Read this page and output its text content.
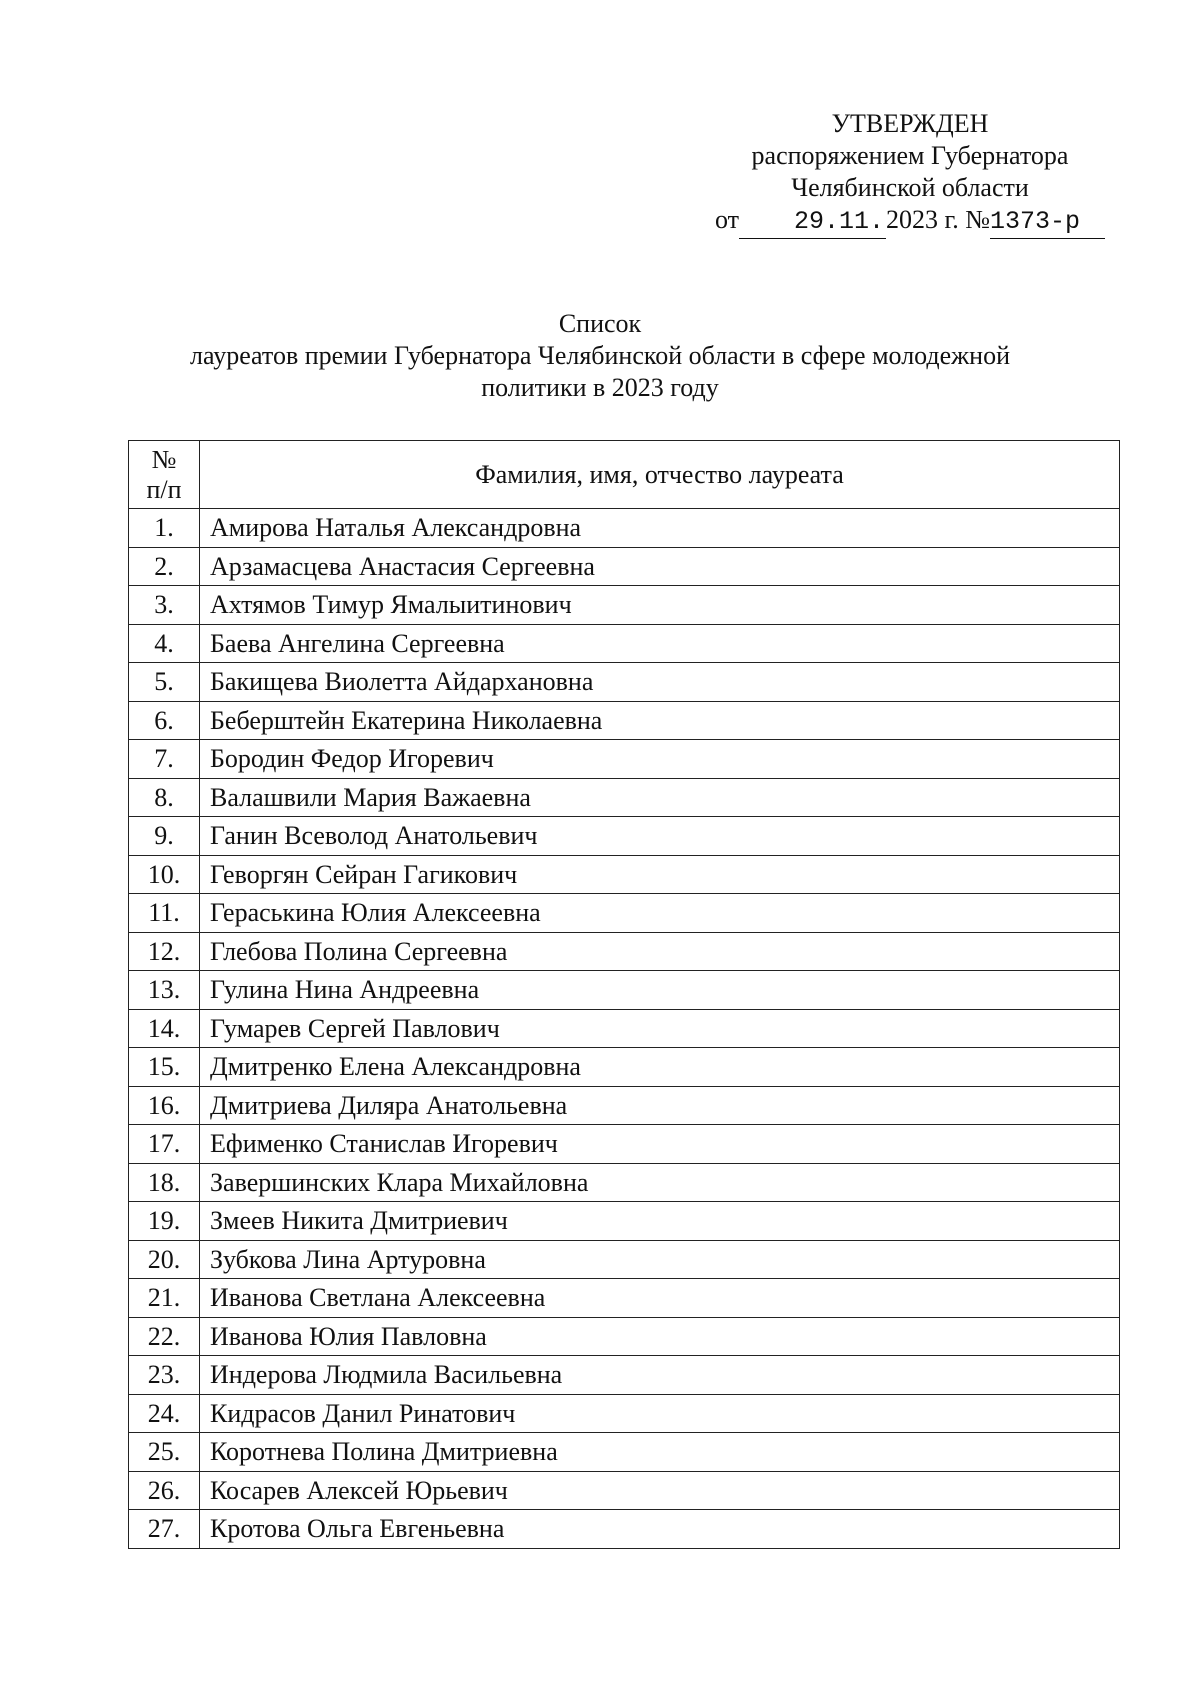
УТВЕРЖДЕН
распоряжением Губернатора
Челябинской области
от 29.11.2023 г. №1373-р
Список
лауреатов премии Губернатора Челябинской области в сфере молодежной
политики в 2023 году
№
п/п	Фамилия, имя, отчество лауреата
1.	Амирова Наталья Александровна
2.	Арзамасцева Анастасия Сергеевна
3.	Ахтямов Тимур Ямалыитинович
4.	Баева Ангелина Сергеевна
5.	Бакищева Виолетта Айдархановна
6.	Беберштейн Екатерина Николаевна
7.	Бородин Федор Игоревич
8.	Валашвили Мария Важаевна
9.	Ганин Всеволод Анатольевич
10.	Геворгян Сейран Гагикович
11.	Гераськина Юлия Алексеевна
12.	Глебова Полина Сергеевна
13.	Гулина Нина Андреевна
14.	Гумарев Сергей Павлович
15.	Дмитренко Елена Александровна
16.	Дмитриева Диляра Анатольевна
17.	Ефименко Станислав Игоревич
18.	Завершинских Клара Михайловна
19.	Змеев Никита Дмитриевич
20.	Зубкова Лина Артуровна
21.	Иванова Светлана Алексеевна
22.	Иванова Юлия Павловна
23.	Индерова Людмила Васильевна
24.	Кидрасов Данил Ринатович
25.	Коротнева Полина Дмитриевна
26.	Косарев Алексей Юрьевич
27.	Кротова Ольга Евгеньевна
